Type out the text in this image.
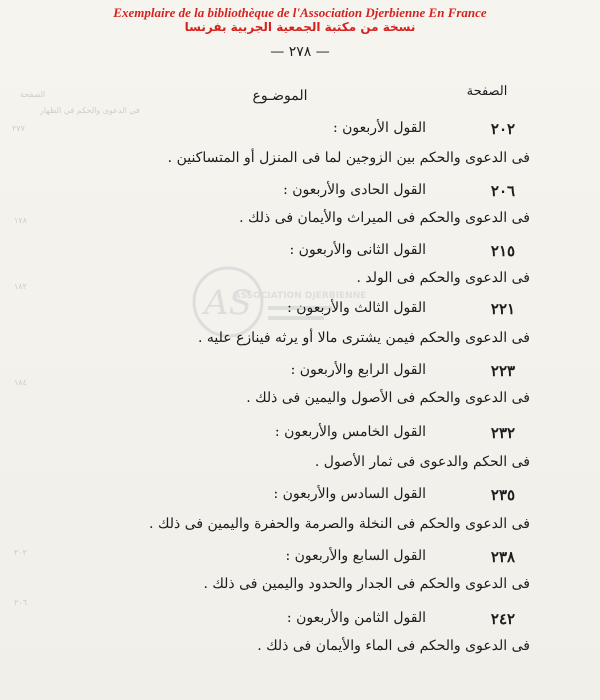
Exemplaire de la bibliothèque de l'Association Djerbienne En France
نسخة من مكتبة الجمعية الجربية بفرنسا
— ٢٧٨ —
الصفحة
في الدعوى والحكم في الظهار
٢٧٧
١٧٨
١٨٢
١٨٤
٢٠٢
٢٠٦
AS
ASSOCIATION DJERBIENNE
الموضـوع	الصفحة
القول الأربعون :	٢٠٢
فى الدعوى والحكم بين الزوجين لما فى المنزل أو المتساكنين .
القول الحادى والأربعون :	٢٠٦
فى الدعوى والحكم فى الميراث والأيمان فى ذلك .
القول الثانى والأربعون :	٢١٥
فى الدعوى والحكم فى الولد .
القول الثالث والأربعون :	٢٢١
فى الدعوى والحكم فيمن يشترى مالا أو يرثه فينازع عليه .
القول الرابع والأربعون :	٢٢٣
فى الدعوى والحكم فى الأصول واليمين فى ذلك .
القول الخامس والأربعون :	٢٣٢
فى الحكم والدعوى فى ثمار الأصول .
القول السادس والأربعون :	٢٣٥
فى الدعوى والحكم فى النخلة والصرمة والحفرة واليمين فى ذلك .
القول السابع والأربعون :	٢٣٨
فى الدعوى والحكم فى الجدار والحدود واليمين فى ذلك .
القول الثامن والأربعون :	٢٤٢
فى الدعوى والحكم فى الماء والأيمان فى ذلك .
